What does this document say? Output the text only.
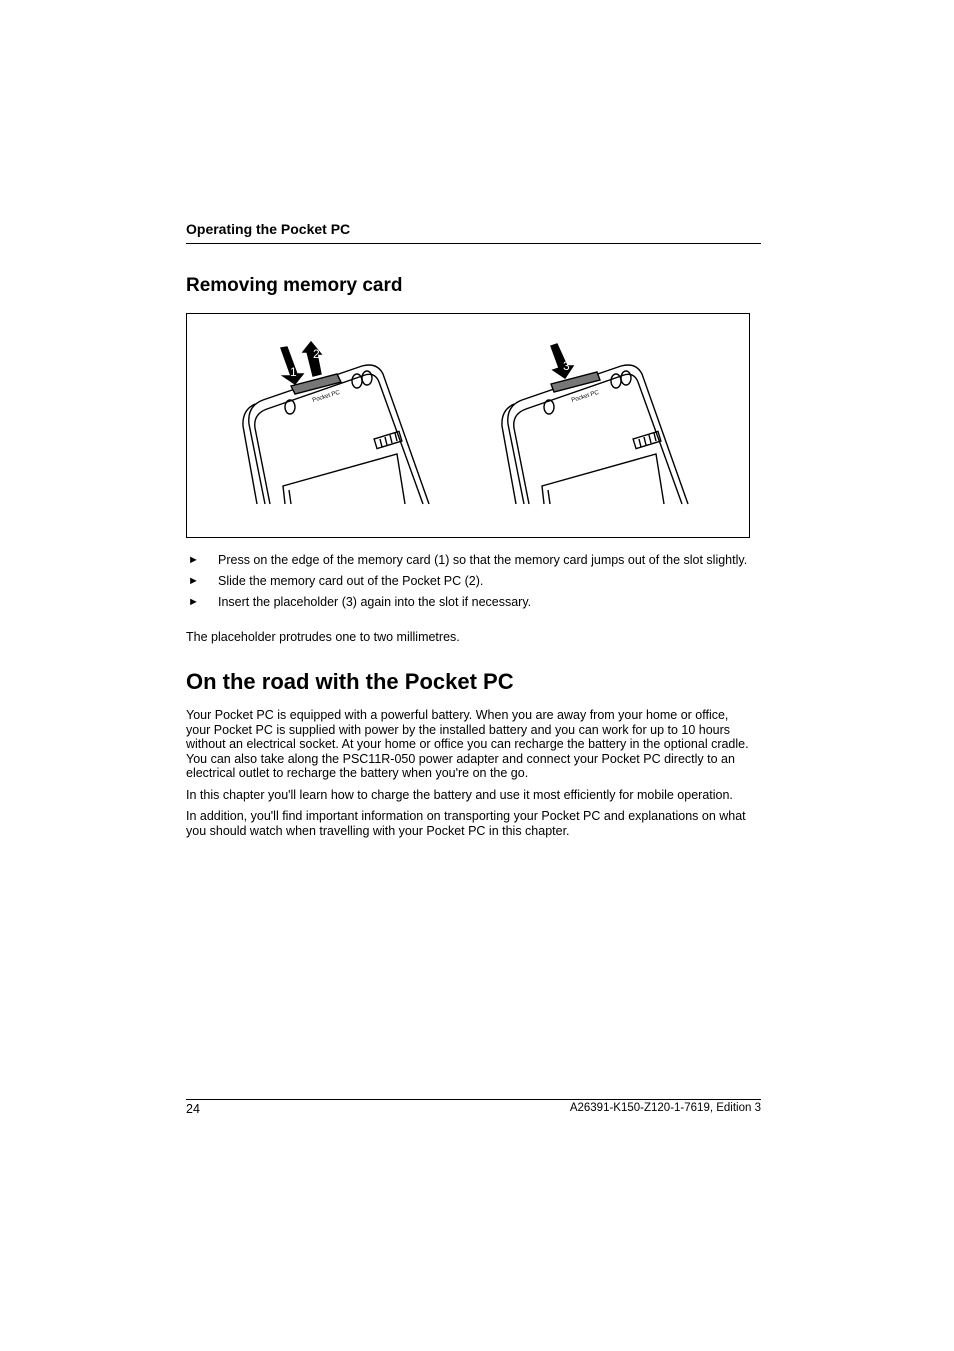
Operating the Pocket PC
Removing memory card
1
2
Pocket PC
3
Pocket PC
► Press on the edge of the memory card (1) so that the memory card jumps out of the slot slightly.
► Slide the memory card out of the Pocket PC (2).
► Insert the placeholder (3) again into the slot if necessary.

The placeholder protrudes one to two millimetres.

On the road with the Pocket PC

Your Pocket PC is equipped with a powerful battery. When you are away from your home or office, your Pocket PC is supplied with power by the installed battery and you can work for up to 10 hours without an electrical socket. At your home or office you can recharge the battery in the optional cradle. You can also take along the PSC11R-050 power adapter and connect your Pocket PC directly to an electrical outlet to recharge the battery when you're on the go.

In this chapter you'll learn how to charge the battery and use it most efficiently for mobile operation.

In addition, you'll find important information on transporting your Pocket PC and explanations on what you should watch when travelling with your Pocket PC in this chapter.

24	A26391-K150-Z120-1-7619, Edition 3
